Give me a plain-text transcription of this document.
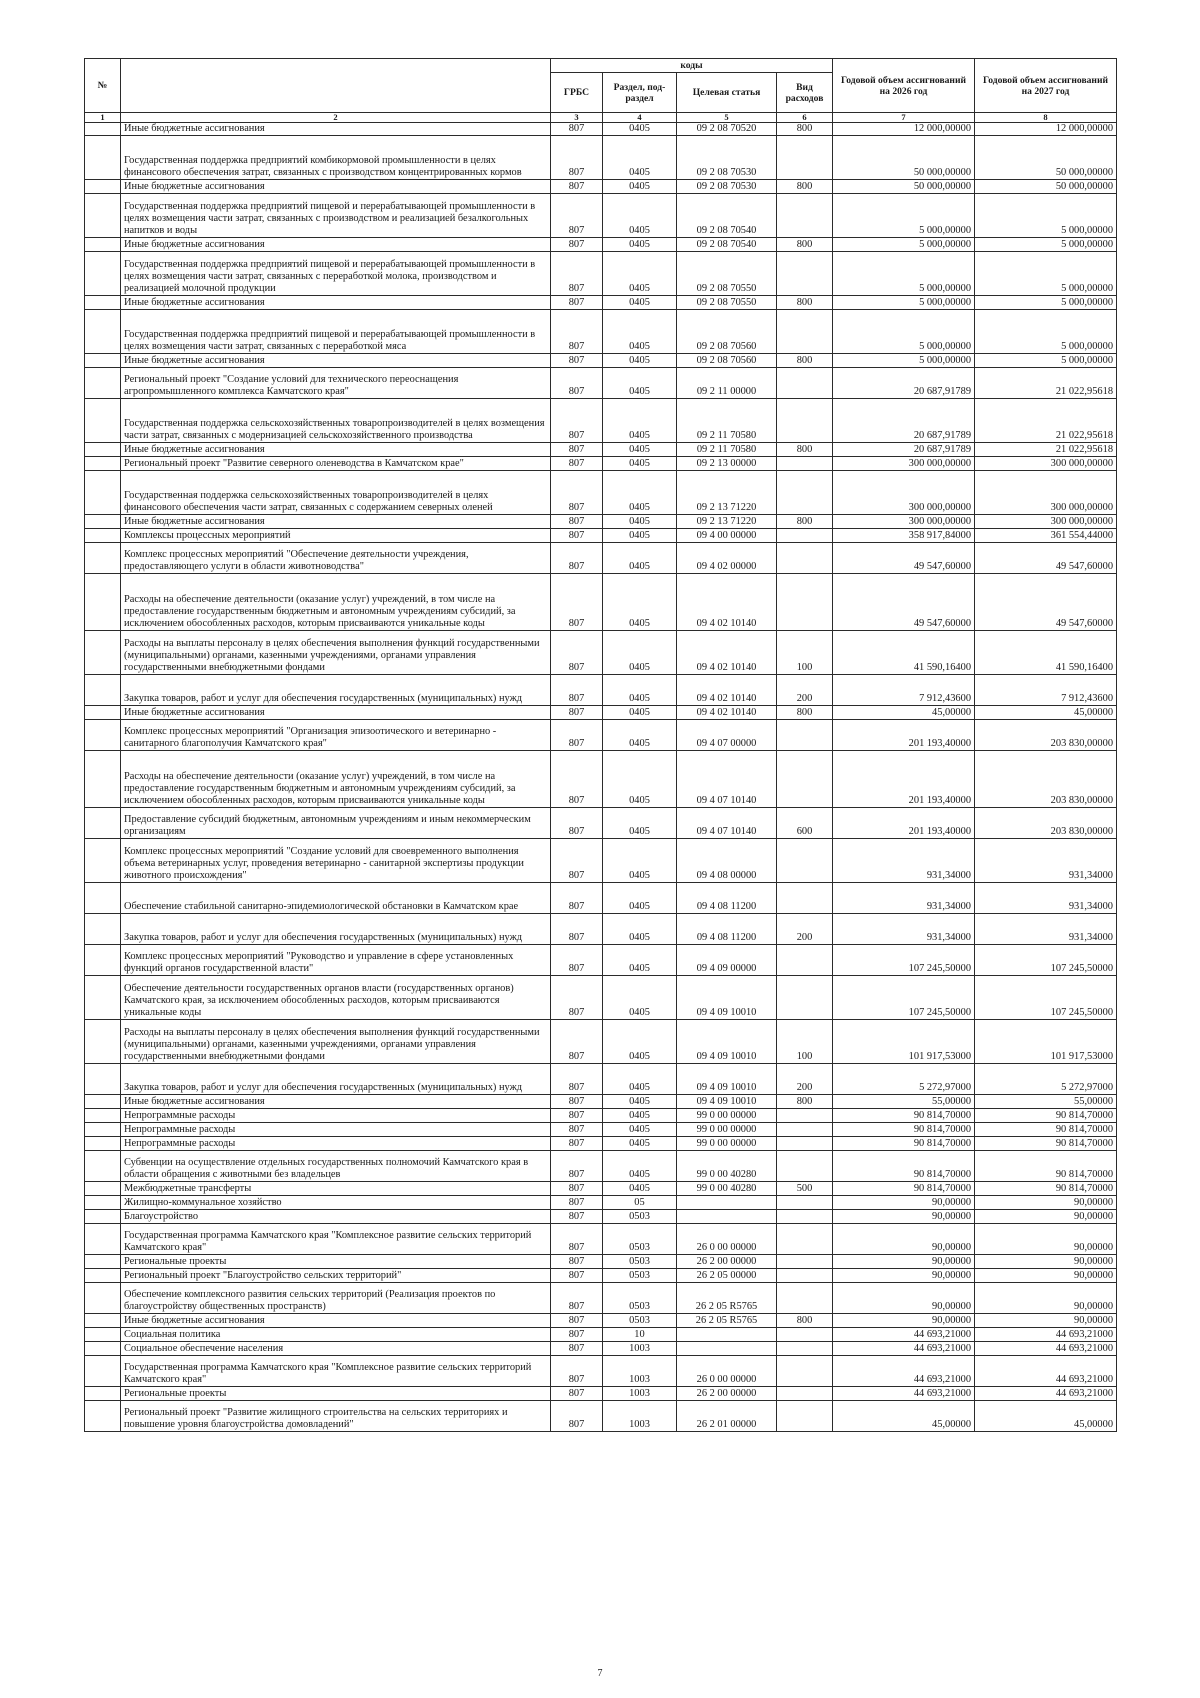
№		коды				Годовой объем ассигнований на 2026 год	Годовой объем ассигнований на 2027 год
		ГРБС	Раздел, под-раздел	Целевая статья	Вид расходов		
1	2	3	4	5	6	7	8
	Иные бюджетные ассигнования	807	0405	09 2 08 70520	800	12 000,00000	12 000,00000
	Государственная поддержка предприятий комбикормовой промышленности в целях финансового обеспечения затрат, связанных с производством концентрированных кормов	807	0405	09 2 08 70530		50 000,00000	50 000,00000
	Иные бюджетные ассигнования	807	0405	09 2 08 70530	800	50 000,00000	50 000,00000
	Государственная поддержка предприятий пищевой и перерабатывающей промышленности в целях возмещения части затрат, связанных с производством и реализацией безалкогольных напитков и воды	807	0405	09 2 08 70540		5 000,00000	5 000,00000
	Иные бюджетные ассигнования	807	0405	09 2 08 70540	800	5 000,00000	5 000,00000
	Государственная поддержка предприятий пищевой и перерабатывающей промышленности в целях возмещения части затрат, связанных с переработкой молока, производством и реализацией молочной продукции	807	0405	09 2 08 70550		5 000,00000	5 000,00000
	Иные бюджетные ассигнования	807	0405	09 2 08 70550	800	5 000,00000	5 000,00000
	Государственная поддержка предприятий пищевой и перерабатывающей промышленности в целях возмещения части затрат, связанных с переработкой мяса	807	0405	09 2 08 70560		5 000,00000	5 000,00000
	Иные бюджетные ассигнования	807	0405	09 2 08 70560	800	5 000,00000	5 000,00000
	Региональный проект "Создание условий для технического переоснащения агропромышленного комплекса Камчатского края"	807	0405	09 2 11 00000		20 687,91789	21 022,95618
	Государственная поддержка сельскохозяйственных товаропроизводителей в целях возмещения части затрат, связанных с модернизацией сельскохозяйственного производства	807	0405	09 2 11 70580		20 687,91789	21 022,95618
	Иные бюджетные ассигнования	807	0405	09 2 11 70580	800	20 687,91789	21 022,95618
	Региональный проект "Развитие северного оленеводства в Камчатском крае"	807	0405	09 2 13 00000		300 000,00000	300 000,00000
	Государственная поддержка сельскохозяйственных товаропроизводителей в целях финансового обеспечения части затрат, связанных с содержанием северных оленей	807	0405	09 2 13 71220		300 000,00000	300 000,00000
	Иные бюджетные ассигнования	807	0405	09 2 13 71220	800	300 000,00000	300 000,00000
	Комплексы процессных мероприятий	807	0405	09 4 00 00000		358 917,84000	361 554,44000
	Комплекс процессных мероприятий "Обеспечение деятельности учреждения, предоставляющего услуги в области животноводства"	807	0405	09 4 02 00000		49 547,60000	49 547,60000
	Расходы на обеспечение деятельности (оказание услуг) учреждений, в том числе на предоставление государственным бюджетным и автономным учреждениям субсидий, за исключением обособленных расходов, которым присваиваются уникальные коды	807	0405	09 4 02 10140		49 547,60000	49 547,60000
	Расходы на выплаты персоналу в целях обеспечения выполнения функций государственными (муниципальными) органами, казенными учреждениями, органами управления государственными внебюджетными фондами	807	0405	09 4 02 10140	100	41 590,16400	41 590,16400
	Закупка товаров, работ и услуг для обеспечения государственных (муниципальных) нужд	807	0405	09 4 02 10140	200	7 912,43600	7 912,43600
	Иные бюджетные ассигнования	807	0405	09 4 02 10140	800	45,00000	45,00000
	Комплекс процессных мероприятий "Организация эпизоотического и ветеринарно - санитарного благополучия Камчатского края"	807	0405	09 4 07 00000		201 193,40000	203 830,00000
	Расходы на обеспечение деятельности (оказание услуг) учреждений, в том числе на предоставление государственным бюджетным и автономным учреждениям субсидий, за исключением обособленных расходов, которым присваиваются уникальные коды	807	0405	09 4 07 10140		201 193,40000	203 830,00000
	Предоставление субсидий бюджетным, автономным учреждениям и иным некоммерческим организациям	807	0405	09 4 07 10140	600	201 193,40000	203 830,00000
	Комплекс процессных мероприятий "Создание условий для своевременного выполнения объема ветеринарных услуг, проведения ветеринарно - санитарной экспертизы продукции животного происхождения"	807	0405	09 4 08 00000		931,34000	931,34000
	Обеспечение стабильной санитарно-эпидемиологической обстановки в Камчатском крае	807	0405	09 4 08 11200		931,34000	931,34000
	Закупка товаров, работ и услуг для обеспечения государственных (муниципальных) нужд	807	0405	09 4 08 11200	200	931,34000	931,34000
	Комплекс процессных мероприятий "Руководство и управление в сфере установленных функций органов государственной власти"	807	0405	09 4 09 00000		107 245,50000	107 245,50000
	Обеспечение деятельности государственных органов власти (государственных органов) Камчатского края, за исключением обособленных расходов, которым присваиваются уникальные коды	807	0405	09 4 09 10010		107 245,50000	107 245,50000
	Расходы на выплаты персоналу в целях обеспечения выполнения функций государственными (муниципальными) органами, казенными учреждениями, органами управления государственными внебюджетными фондами	807	0405	09 4 09 10010	100	101 917,53000	101 917,53000
	Закупка товаров, работ и услуг для обеспечения государственных (муниципальных) нужд	807	0405	09 4 09 10010	200	5 272,97000	5 272,97000
	Иные бюджетные ассигнования	807	0405	09 4 09 10010	800	55,00000	55,00000
	Непрограммные расходы	807	0405	99 0 00 00000		90 814,70000	90 814,70000
	Непрограммные расходы	807	0405	99 0 00 00000		90 814,70000	90 814,70000
	Непрограммные расходы	807	0405	99 0 00 00000		90 814,70000	90 814,70000
	Субвенции на осуществление отдельных государственных полномочий Камчатского края в области обращения с животными без владельцев	807	0405	99 0 00 40280		90 814,70000	90 814,70000
	Межбюджетные трансферты	807	0405	99 0 00 40280	500	90 814,70000	90 814,70000
	Жилищно-коммунальное хозяйство	807	05			90,00000	90,00000
	Благоустройство	807	0503			90,00000	90,00000
	Государственная программа Камчатского края "Комплексное развитие сельских территорий Камчатского края"	807	0503	26 0 00 00000		90,00000	90,00000
	Региональные проекты	807	0503	26 2 00 00000		90,00000	90,00000
	Региональный проект "Благоустройство сельских территорий"	807	0503	26 2 05 00000		90,00000	90,00000
	Обеспечение комплексного развития сельских территорий (Реализация проектов по благоустройству общественных пространств)	807	0503	26 2 05 R5765		90,00000	90,00000
	Иные бюджетные ассигнования	807	0503	26 2 05 R5765	800	90,00000	90,00000
	Социальная политика	807	10			44 693,21000	44 693,21000
	Социальное обеспечение населения	807	1003			44 693,21000	44 693,21000
	Государственная программа Камчатского края "Комплексное развитие сельских территорий Камчатского края"	807	1003	26 0 00 00000		44 693,21000	44 693,21000
	Региональные проекты	807	1003	26 2 00 00000		44 693,21000	44 693,21000
	Региональный проект "Развитие жилищного строительства на сельских территориях и повышение уровня благоустройства домовладений"	807	1003	26 2 01 00000		45,00000	45,00000
7
